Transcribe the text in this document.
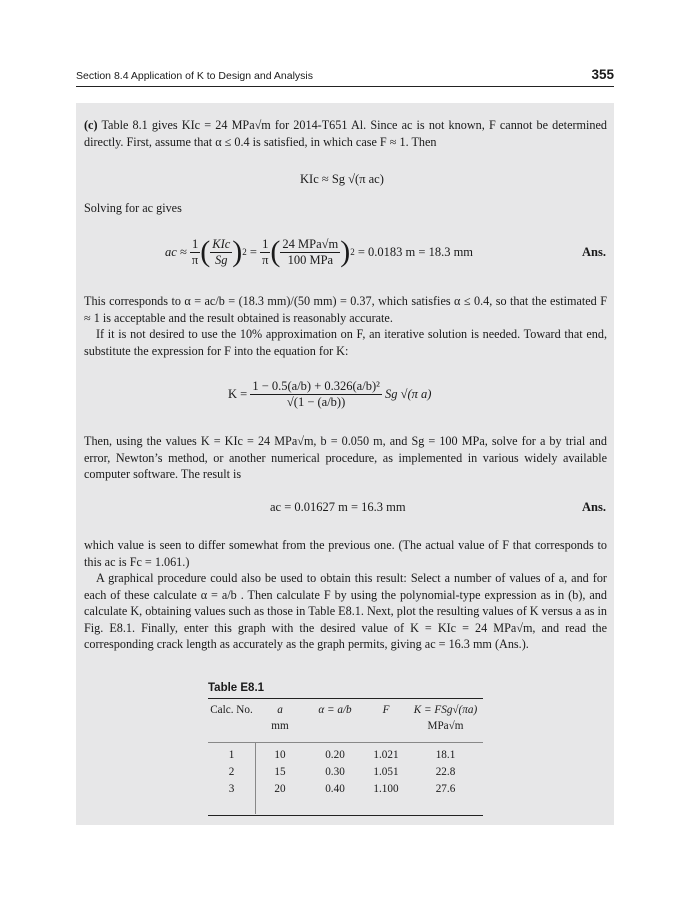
Section 8.4 Application of K to Design and Analysis	355

(c) Table 8.1 gives KIc = 24 MPa√m for 2014-T651 Al. Since ac is not known, F cannot be determined directly. First, assume that α ≤ 0.4 is satisfied, in which case F ≈ 1. Then

KIc ≈ Sg √(π ac)
Solving for ac gives
ac ≈
$\frac{1}{\pi}$ ( $\frac{\text{KIc}}{Sg}$ ) $2 = \frac{1}{\pi}$ ( $\frac{\text{24 MPa√m}}{\text{100 MPa}}$ ) 2
= 0.0183 m = 18.3 mm	Ans.

This corresponds to α = ac/b = (18.3 mm)/(50 mm) = 0.37, which satisfies α ≤ 0.4, so that the estimated F ≈ 1 is acceptable and the result obtained is reasonably accurate.

If it is not desired to use the 10% approximation on F, an iterative solution is needed. Toward that end, substitute the expression for F into the equation for K:

K =
$\frac{\text{1 − 0.5(a/b) + 0.326(a/b)²}}{√(1 - (a/b))}$
Sg √(π a)
Then, using the values K = KIc = 24 MPa√m, b = 0.050 m, and Sg = 100 MPa, solve for a by trial and error, Newton’s method, or another numerical procedure, as implemented in various widely available computer software. The result is
ac = 0.01627 m = 16.3 mm	Ans.

which value is seen to differ somewhat from the previous one. (The actual value of F that corresponds to this ac is Fc = 1.061.)

A graphical procedure could also be used to obtain this result: Select a number of values of a, and for each of these calculate α = a/b . Then calculate F by using the polynomial-type expression as in (b), and calculate K, obtaining values such as those in Table E8.1. Next, plot the resulting values of K versus a as in Fig. E8.1. Finally, enter this graph with the desired value of K = KIc = 24 MPa√m, and read the corresponding crack length as accurately as the graph permits, giving ac = 16.3 mm (Ans.).

Table E8.1
Calc. No.	a	α = a/b	F	K = FSg√(πa)
mm	MPa√m
1	10	0.20	1.021	18.1
2	15	0.30	1.051	22.8
3	20	0.40	1.100	27.6
